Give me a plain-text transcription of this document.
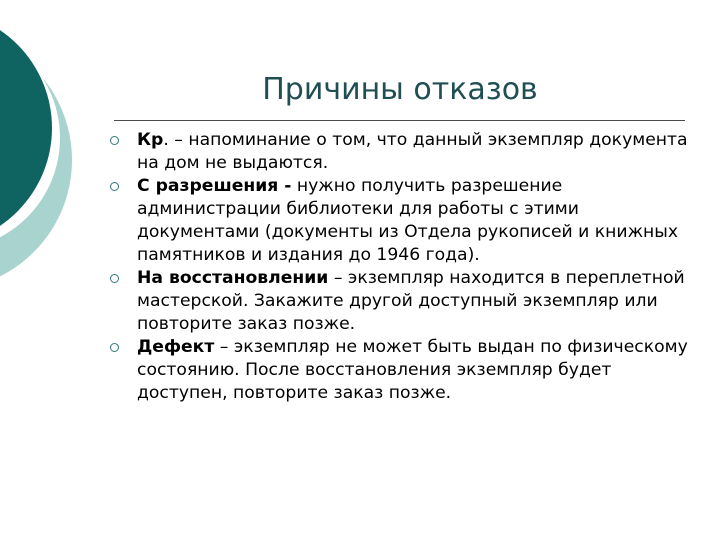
Причины отказов
Кр. – напоминание о том, что данный экземпляр документа на дом не выдаются.
С разрешения - нужно получить разрешение администрации библиотеки для работы с этими документами (документы из Отдела рукописей и книжных памятников и издания до 1946 года).
На восстановлении – экземпляр находится в переплетной мастерской. Закажите другой доступный экземпляр или повторите заказ позже.
Дефект – экземпляр не может быть выдан по физическому состоянию. После восстановления экземпляр будет доступен, повторите заказ позже.
